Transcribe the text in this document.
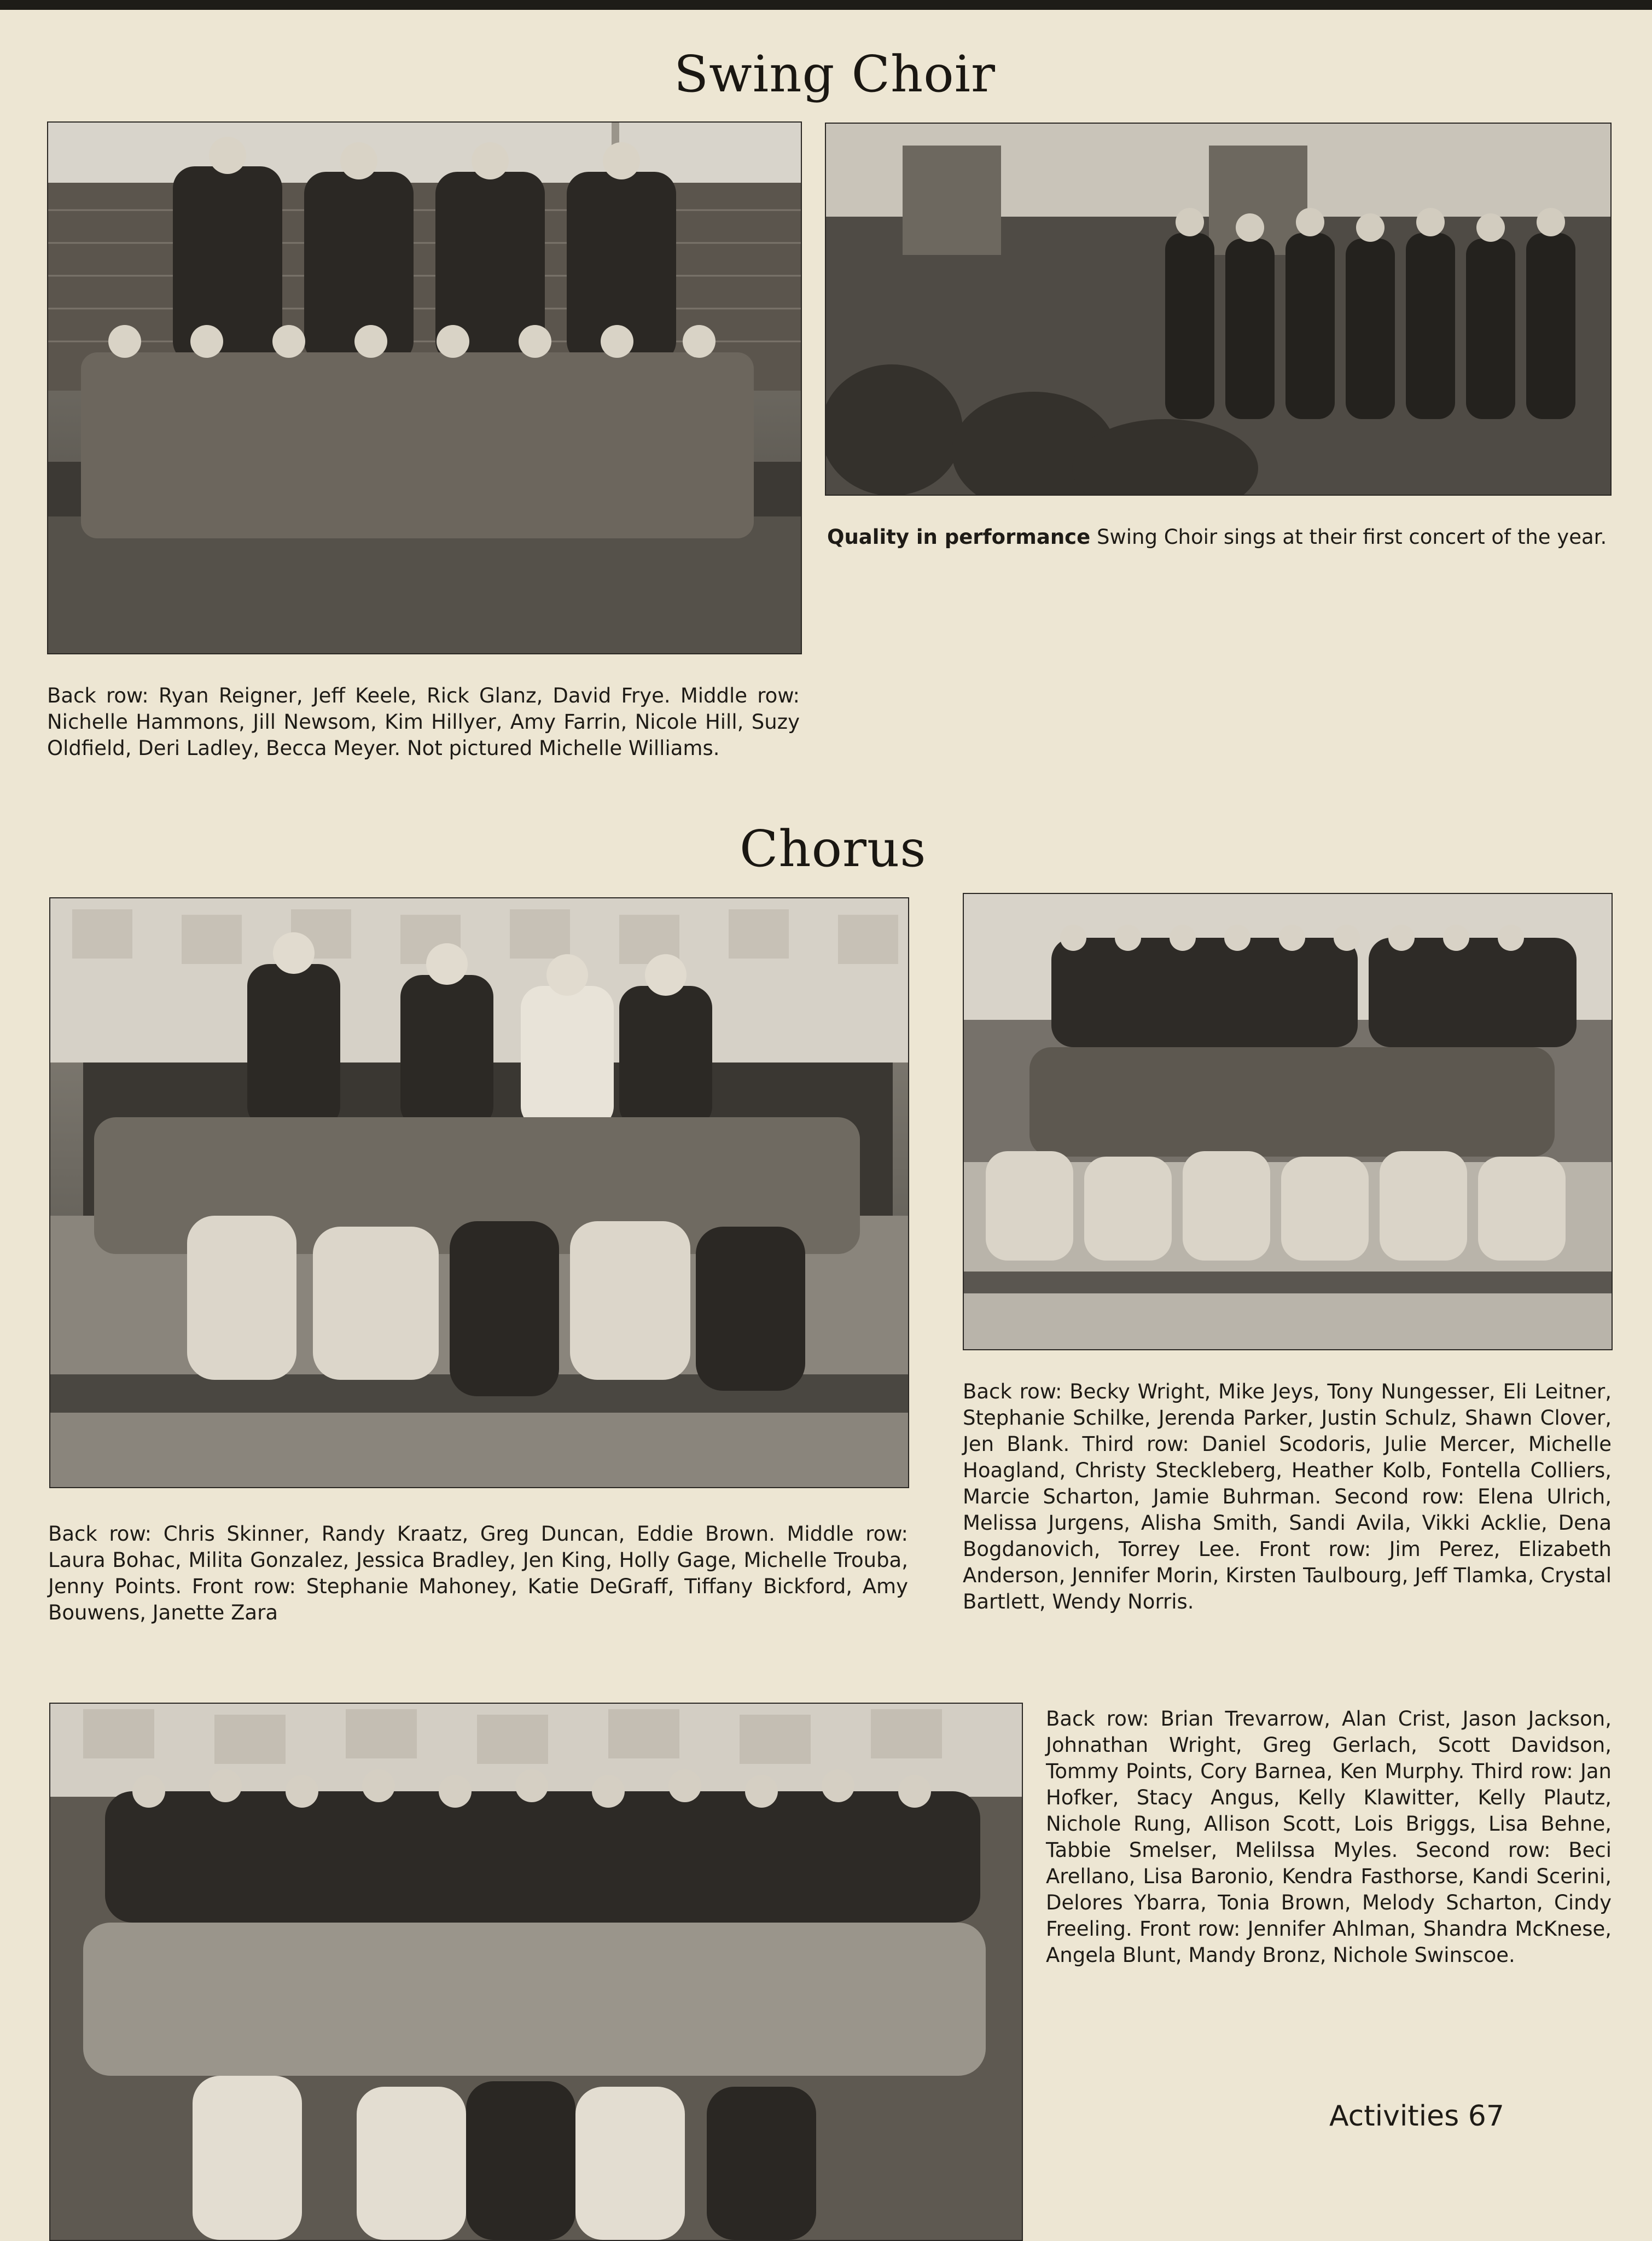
Swing Choir

Quality in performance Swing Choir sings at their first concert of the year.

Back row: Ryan Reigner, Jeff Keele, Rick Glanz, David Frye. Middle row: Nichelle Hammons, Jill Newsom, Kim Hillyer, Amy Farrin, Nicole Hill, Suzy Oldfield, Deri Ladley, Becca Meyer. Not pictured Michelle Williams.

Chorus

Back row: Chris Skinner, Randy Kraatz, Greg Duncan, Eddie Brown. Middle row: Laura Bohac, Milita Gonzalez, Jessica Bradley, Jen King, Holly Gage, Michelle Trouba, Jenny Points. Front row: Stephanie Mahoney, Katie DeGraff, Tiffany Bickford, Amy Bouwens, Janette Zara

Back row: Becky Wright, Mike Jeys, Tony Nungesser, Eli Leitner, Stephanie Schilke, Jerenda Parker, Justin Schulz, Shawn Clover, Jen Blank. Third row: Daniel Scodoris, Julie Mercer, Michelle Hoagland, Christy Steckleberg, Heather Kolb, Fontella Colliers, Marcie Scharton, Jamie Buhrman. Second row: Elena Ulrich, Melissa Jurgens, Alisha Smith, Sandi Avila, Vikki Acklie, Dena Bogdanovich, Torrey Lee. Front row: Jim Perez, Elizabeth Anderson, Jennifer Morin, Kirsten Taulbourg, Jeff Tlamka, Crystal Bartlett, Wendy Norris.

Back row: Brian Trevarrow, Alan Crist, Jason Jackson, Johnathan Wright, Greg Gerlach, Scott Davidson, Tommy Points, Cory Barnea, Ken Murphy. Third row: Jan Hofker, Stacy Angus, Kelly Klawitter, Kelly Plautz, Nichole Rung, Allison Scott, Lois Briggs, Lisa Behne, Tabbie Smelser, Melilssa Myles. Second row: Beci Arellano, Lisa Baronio, Kendra Fasthorse, Kandi Scerini, Delores Ybarra, Tonia Brown, Melody Scharton, Cindy Freeling. Front row: Jennifer Ahlman, Shandra McKnese, Angela Blunt, Mandy Bronz, Nichole Swinscoe.

Activities 67
